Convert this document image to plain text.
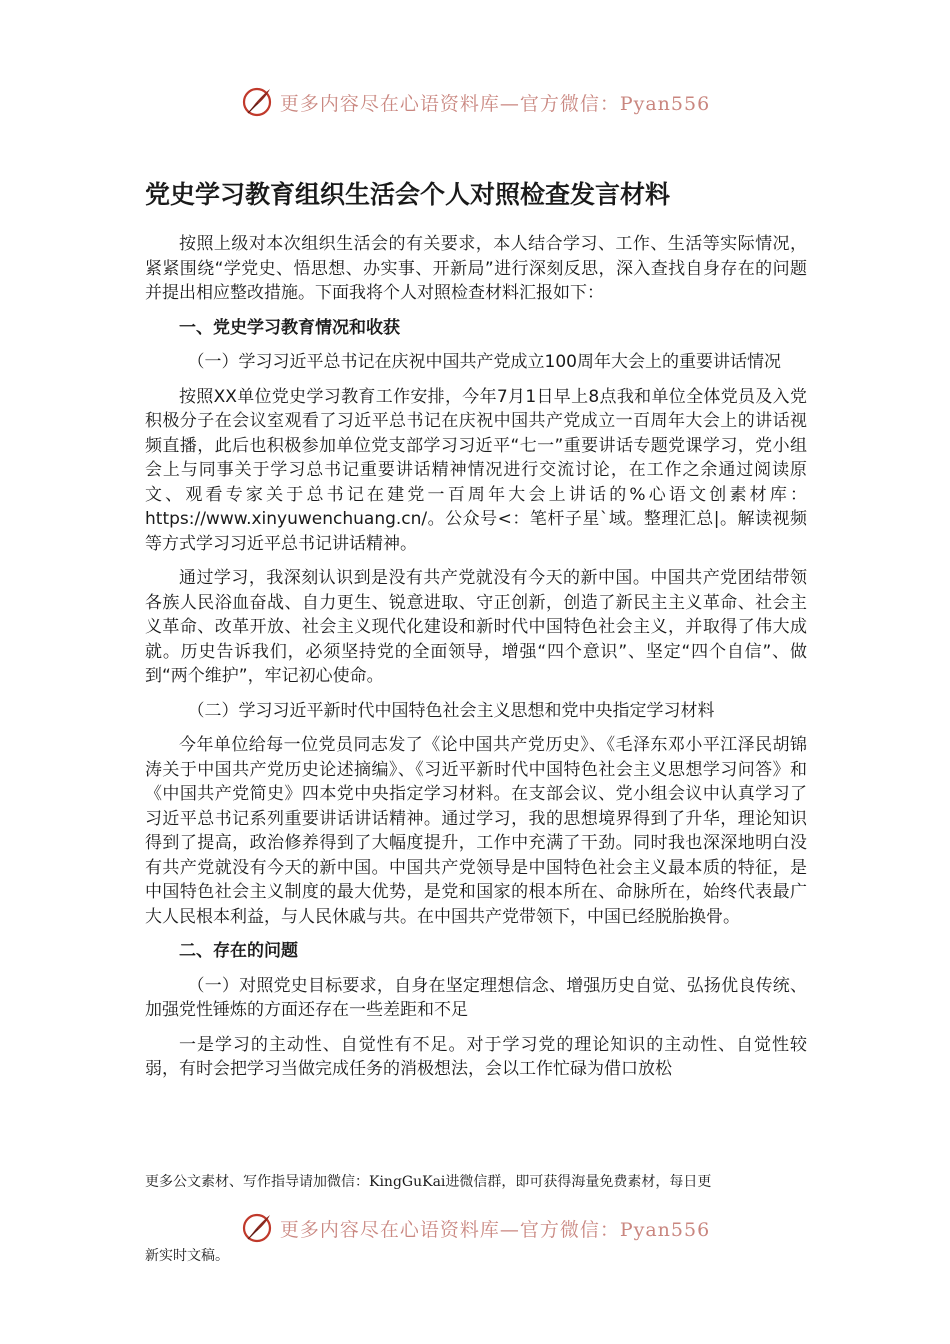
更多内容尽在心语资料库—官方微信：Pyan556
党史学习教育组织生活会个人对照检查发言材料

按照上级对本次组织生活会的有关要求，本人结合学习、工作、生活等实际情况，紧紧围绕“学党史、悟思想、办实事、开新局”进行深刻反思，深入查找自身存在的问题并提出相应整改措施。下面我将个人对照检查材料汇报如下：

一、党史学习教育情况和收获

（一）学习习近平总书记在庆祝中国共产党成立100周年大会上的重要讲话情况

按照XX单位党史学习教育工作安排，今年7月1日早上8点我和单位全体党员及入党积极分子在会议室观看了习近平总书记在庆祝中国共产党成立一百周年大会上的讲话视频直播，此后也积极参加单位党支部学习习近平“七一”重要讲话专题党课学习，党小组会上与同事关于学习总书记重要讲话精神情况进行交流讨论，在工作之余通过阅读原文、观看专家关于总书记在建党一百周年大会上讲话的%心语文创素材库：https://www.xinyuwenchuang.cn/。公众号<：笔杆子星`域。整理汇总|。解读视频等方式学习习近平总书记讲话精神。

通过学习，我深刻认识到是没有共产党就没有今天的新中国。中国共产党团结带领各族人民浴血奋战、自力更生、锐意进取、守正创新，创造了新民主主义革命、社会主义革命、改革开放、社会主义现代化建设和新时代中国特色社会主义，并取得了伟大成就。历史告诉我们，必须坚持党的全面领导，增强“四个意识”、坚定“四个自信”、做到“两个维护”，牢记初心使命。

（二）学习习近平新时代中国特色社会主义思想和党中央指定学习材料

今年单位给每一位党员同志发了《论中国共产党历史》、《毛泽东邓小平江泽民胡锦涛关于中国共产党历史论述摘编》、《习近平新时代中国特色社会主义思想学习问答》和《中国共产党简史》四本党中央指定学习材料。在支部会议、党小组会议中认真学习了习近平总书记系列重要讲话讲话精神。通过学习，我的思想境界得到了升华，理论知识得到了提高，政治修养得到了大幅度提升，工作中充满了干劲。同时我也深深地明白没有共产党就没有今天的新中国。中国共产党领导是中国特色社会主义最本质的特征，是中国特色社会主义制度的最大优势，是党和国家的根本所在、命脉所在，始终代表最广大人民根本利益，与人民休戚与共。在中国共产党带领下，中国已经脱胎换骨。

二、存在的问题

（一）对照党史目标要求，自身在坚定理想信念、增强历史自觉、弘扬优良传统、加强党性锤炼的方面还存在一些差距和不足

一是学习的主动性、自觉性有不足。对于学习党的理论知识的主动性、自觉性较弱，有时会把学习当做完成任务的消极想法，会以工作忙碌为借口放松

更多公文素材、写作指导请加微信：KingGuKai进微信群，即可获得海量免费素材，每日更

更多内容尽在心语资料库—官方微信：Pyan556

新实时文稿。
